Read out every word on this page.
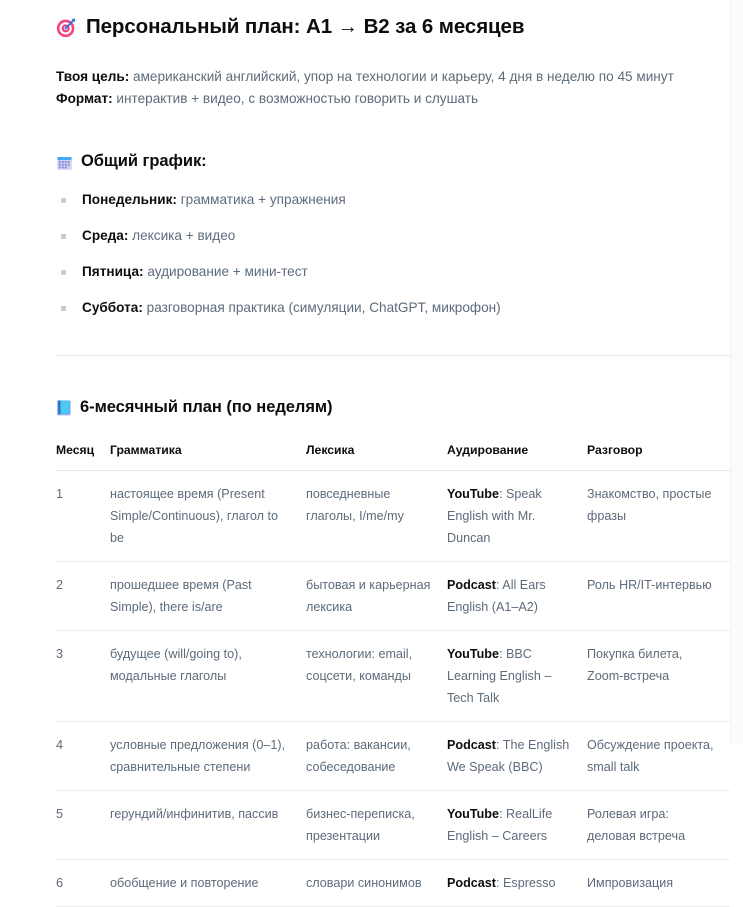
Персональный план: A1 → B2 за 6 месяцев
Твоя цель: американский английский, упор на технологии и карьеру, 4 дня в неделю по 45 минут
Формат: интерактив + видео, с возможностью говорить и слушать
Общий график:
Понедельник: грамматика + упражнения
Среда: лексика + видео
Пятница: аудирование + мини-тест
Суббота: разговорная практика (симуляции, ChatGPT, микрофон)
6-месячный план (по неделям)
Месяц	Грамматика	Лексика	Аудирование	Разговор
1	настоящее время (Present Simple/Continuous), глагол to be	повседневные глаголы, I/me/my	YouTube: Speak English with Mr. Duncan	Знакомство, простые фразы
2	прошедшее время (Past Simple), there is/are	бытовая и карьерная лексика	Podcast: All Ears English (A1–A2)	Роль HR/IT-интервью
3	будущее (will/going to), модальные глаголы	технологии: email, соцсети, команды	YouTube: BBC Learning English – Tech Talk	Покупка билета, Zoom-встреча
4	условные предложения (0–1), сравнительные степени	работа: вакансии, собеседование	Podcast: The English We Speak (BBC)	Обсуждение проекта, small talk
5	герундий/инфинитив, пассив	бизнес-переписка, презентации	YouTube: RealLife English – Careers	Ролевая игра: деловая встреча
6	обобщение и повторение	словари синонимов	Podcast: Espresso	Импровизация
